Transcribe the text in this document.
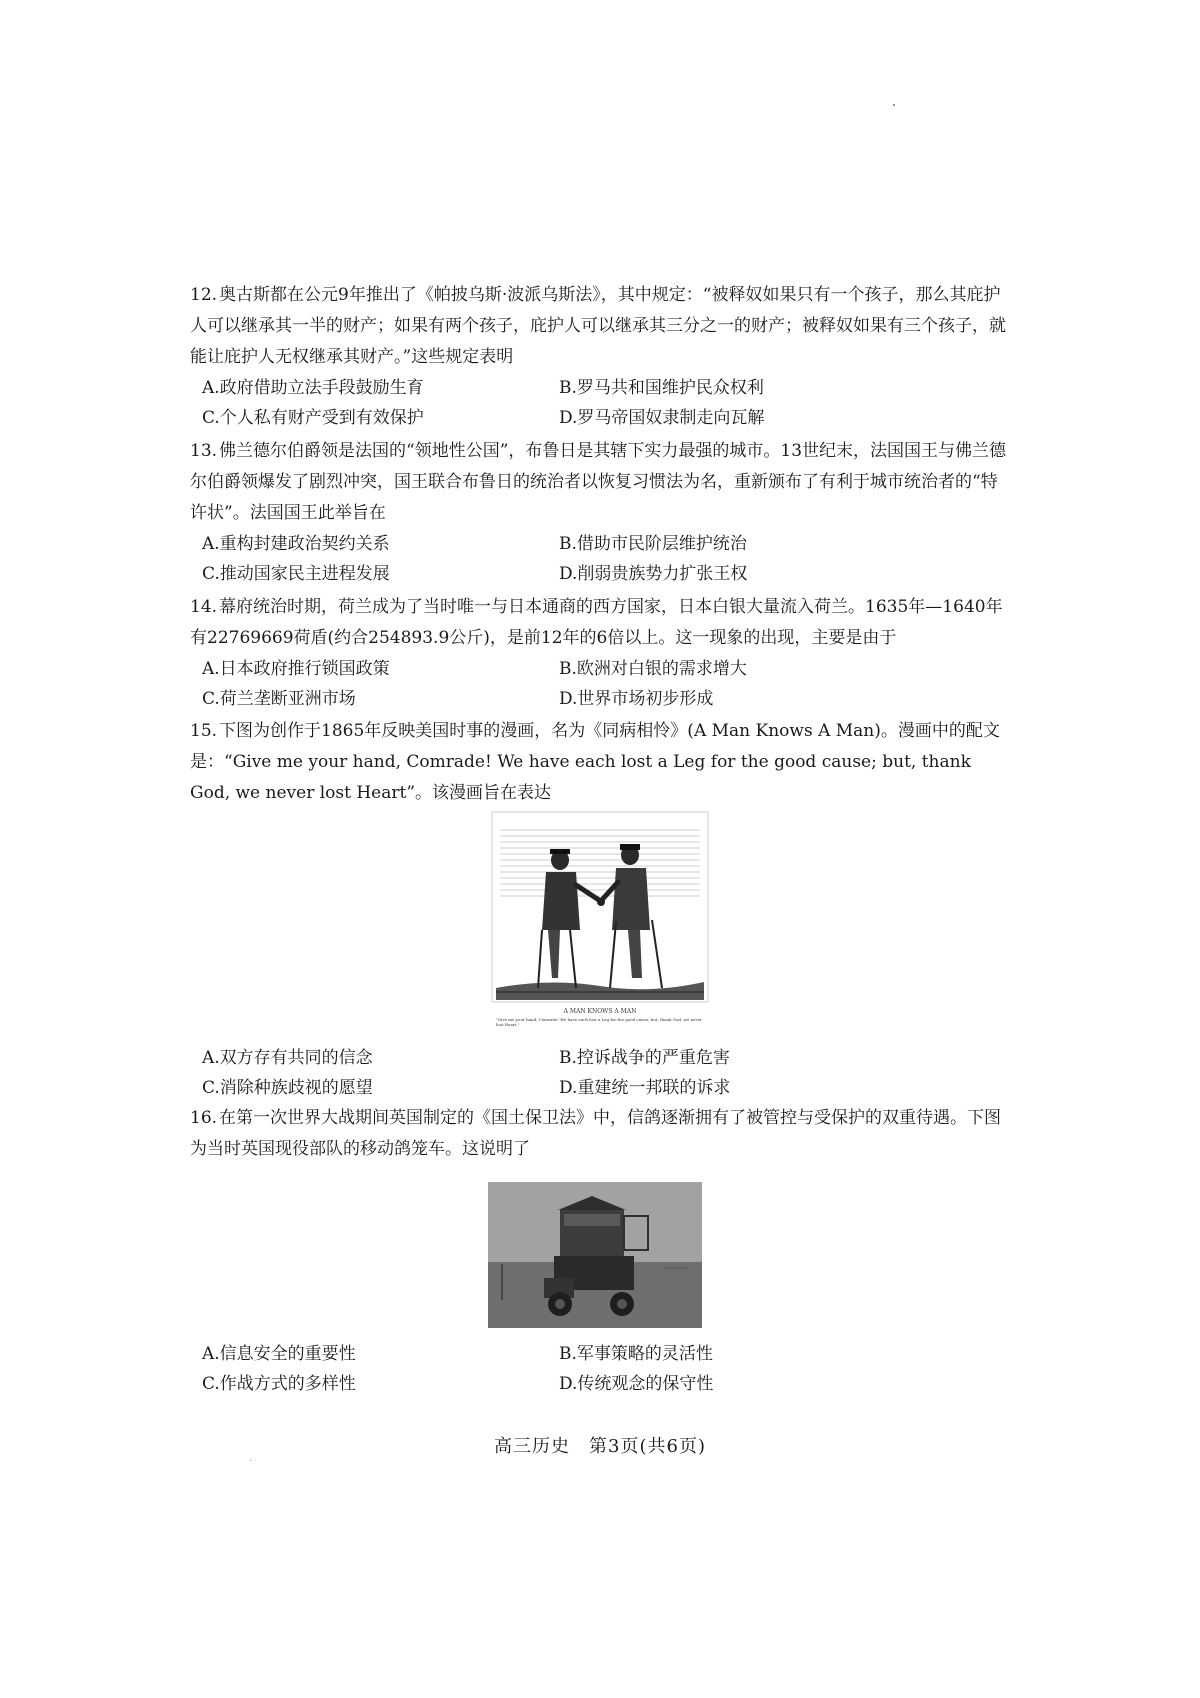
12. 奥古斯都在公元9年推出了《帕披乌斯·波派乌斯法》，其中规定：“被释奴如果只有一个孩子，那么其庇护人可以继承其一半的财产；如果有两个孩子，庇护人可以继承其三分之一的财产；被释奴如果有三个孩子，就能让庇护人无权继承其财产。”这些规定表明

A.政府借助立法手段鼓励生育	B.罗马共和国维护民众权利
C.个人私有财产受到有效保护	D.罗马帝国奴隶制走向瓦解

13. 佛兰德尔伯爵领是法国的“领地性公国”，布鲁日是其辖下实力最强的城市。13世纪末，法国国王与佛兰德尔伯爵领爆发了剧烈冲突，国王联合布鲁日的统治者以恢复习惯法为名，重新颁布了有利于城市统治者的“特许状”。法国国王此举旨在

A.重构封建政治契约关系	B.借助市民阶层维护统治
C.推动国家民主进程发展	D.削弱贵族势力扩张王权

14. 幕府统治时期，荷兰成为了当时唯一与日本通商的西方国家，日本白银大量流入荷兰。1635年—1640年有22769669荷盾(约合254893.9公斤)，是前12年的6倍以上。这一现象的出现，主要是由于

A.日本政府推行锁国政策	B.欧洲对白银的需求增大
C.荷兰垄断亚洲市场	D.世界市场初步形成

15. 下图为创作于1865年反映美国时事的漫画，名为《同病相怜》(A Man Knows A Man)。漫画中的配文是：“Give me your hand, Comrade! We have each lost a Leg for the good cause; but, thank God, we never lost Heart”。该漫画旨在表达

A MAN KNOWS A MAN
"Give me your hand, Comrade! We have each lost a Leg for the good cause; but, thank God, we never lost Heart."
A.双方存有共同的信念	B.控诉战争的严重危害
C.消除种族歧视的愿望	D.重建统一邦联的诉求

16. 在第一次世界大战期间英国制定的《国土保卫法》中，信鸽逐渐拥有了被管控与受保护的双重待遇。下图为当时英国现役部队的移动鸽笼车。这说明了

A.信息安全的重要性	B.军事策略的灵活性
C.作战方式的多样性	D.传统观念的保守性
高三历史　第3页(共6页)
